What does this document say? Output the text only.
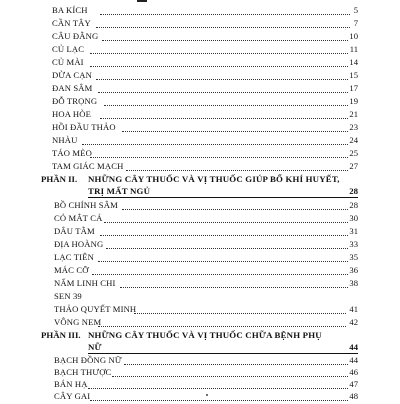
BA KÍCH	5
CẦN TÂY	7
CÂU ĐẰNG	10
CỦ LẠC	11
CỦ MÀI	14
DỪA CẠN	15
ĐAN SÂM	17
ĐỖ TRỌNG	19
HOA HÒE	21
HỒI ĐẦU THẢO	23
NHÀU	24
TÁO MÈO	25
TAM GIÁC MẠCH	27
PHẦN II. NHỮNG CÂY THUỐC VÀ VỊ THUỐC GIÚP BỔ KHÍ HUYẾT,
TRỊ MẤT NGỦ	28
BỒ CHÍNH SÂM	28
CỎ MẮT CÁ	30
DÂU TẰM	31
ĐỊA HOÀNG	33
LẠC TIÊN	35
MÁC CỠ	36
NẤM LINH CHI	38
SEN 39
THẢO QUYẾT MINH	41
VÔNG NEM	42
PHẦN III. NHỮNG CÂY THUỐC VÀ VỊ THUỐC CHỮA BỆNH PHỤ
NỮ	44
BẠCH ĐỒNG NỮ	44
BẠCH THƯỢC	46
BÁN HẠ	47
CÂY GAI	48
